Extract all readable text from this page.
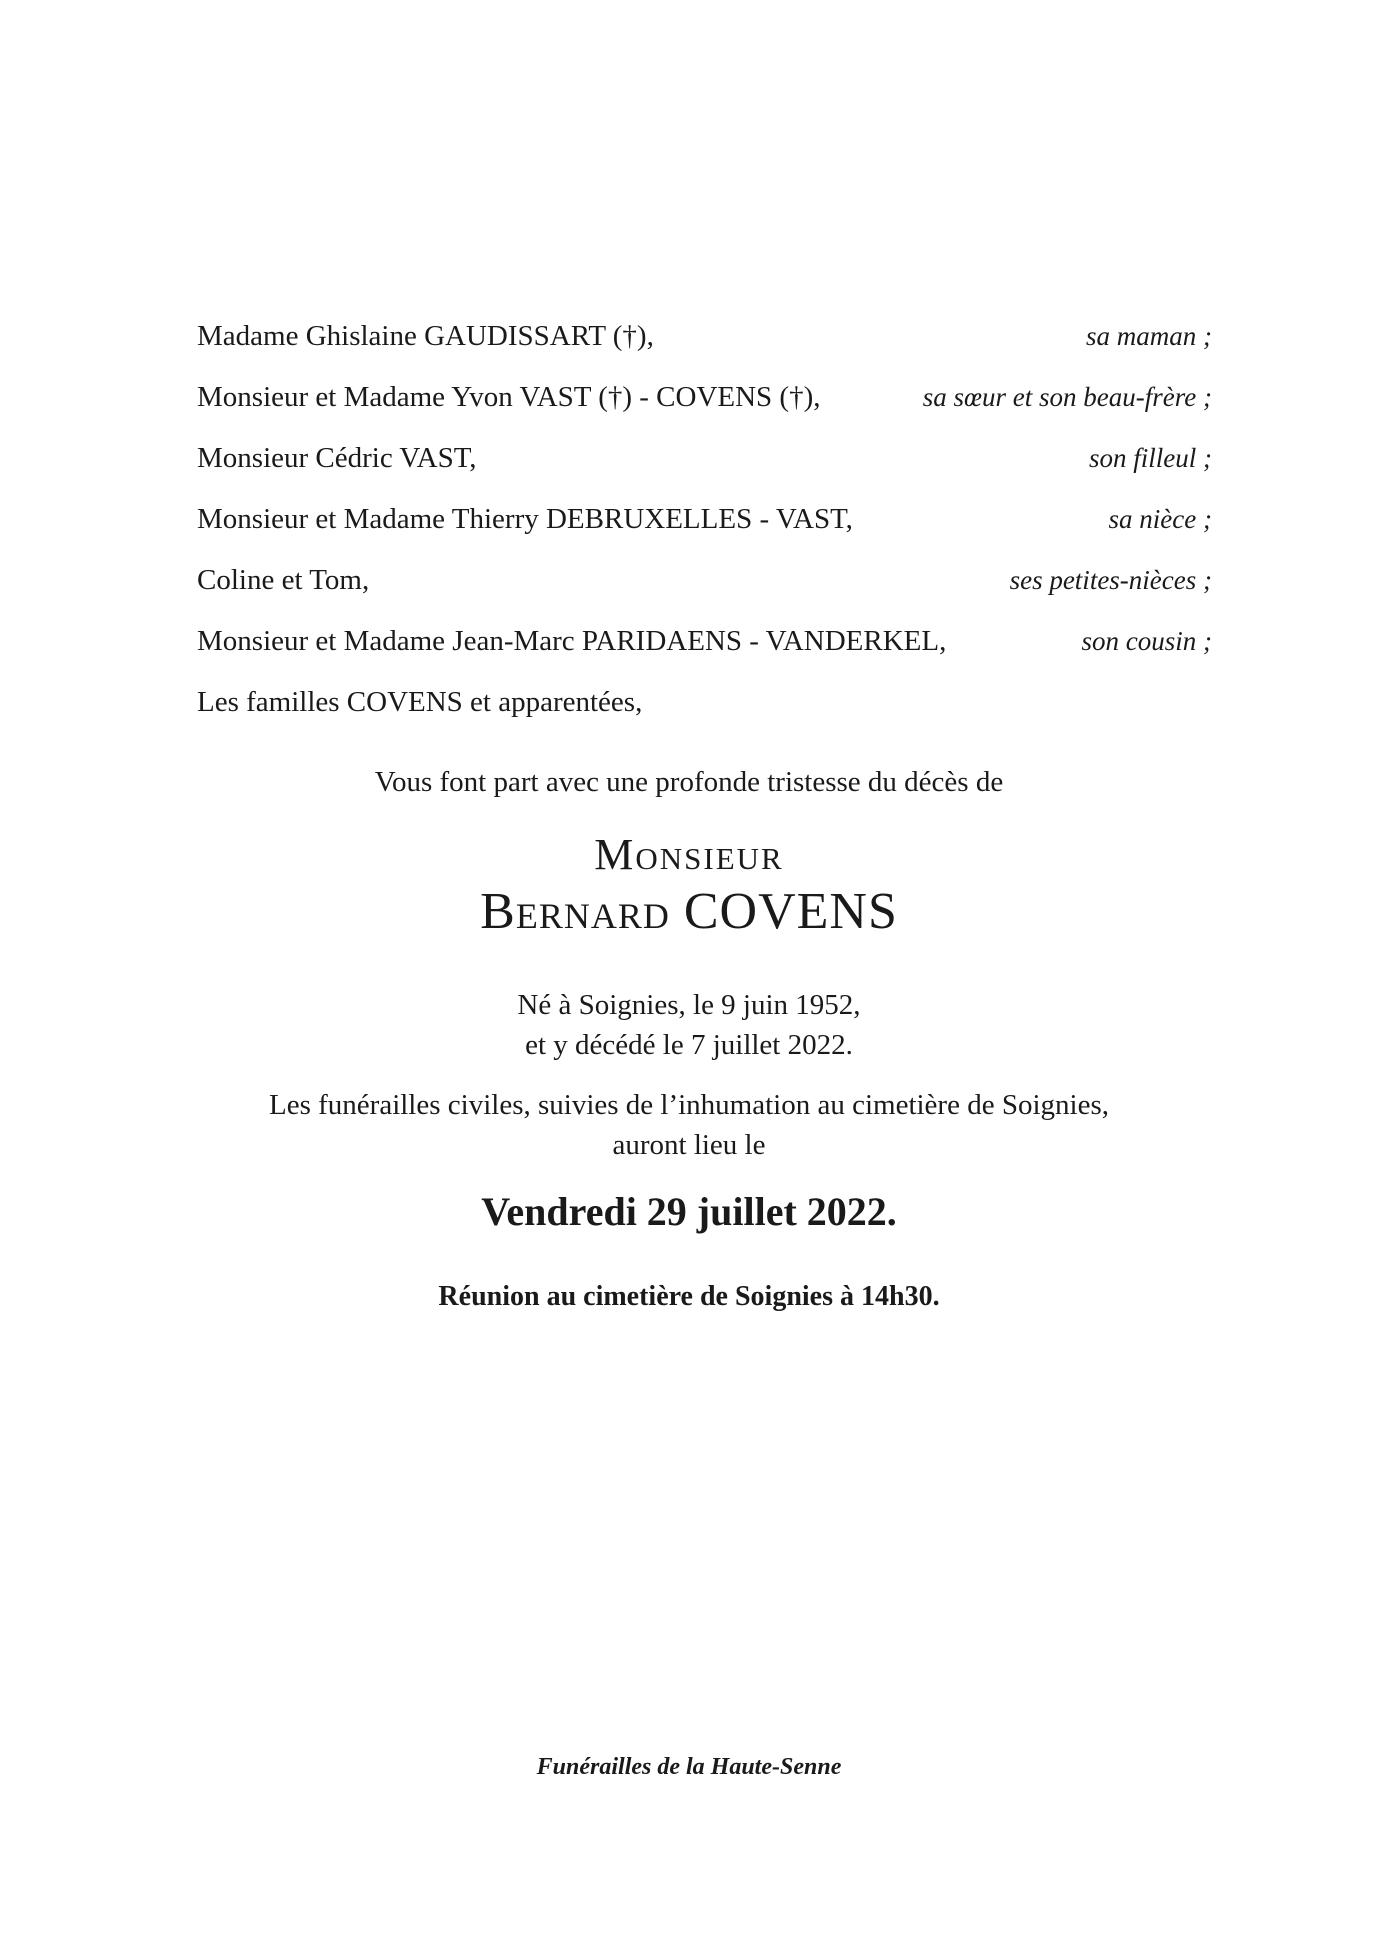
Madame Ghislaine GAUDISSART (†),	sa maman ;
Monsieur et Madame Yvon VAST (†) - COVENS (†),	sa sœur et son beau-frère ;
Monsieur Cédric VAST,	son filleul ;
Monsieur et Madame Thierry DEBRUXELLES - VAST,	sa nièce ;
Coline et Tom,	ses petites-nièces ;
Monsieur et Madame Jean-Marc PARIDAENS - VANDERKEL,	son cousin ;
Les familles COVENS et apparentées,
Vous font part avec une profonde tristesse du décès de
Monsieur
Bernard COVENS
Né à Soignies, le 9 juin 1952,
et y décédé le 7 juillet 2022.
Les funérailles civiles, suivies de l’inhumation au cimetière de Soignies,
auront lieu le
Vendredi 29 juillet 2022.
Réunion au cimetière de Soignies à 14h30.
Funérailles de la Haute-Senne
